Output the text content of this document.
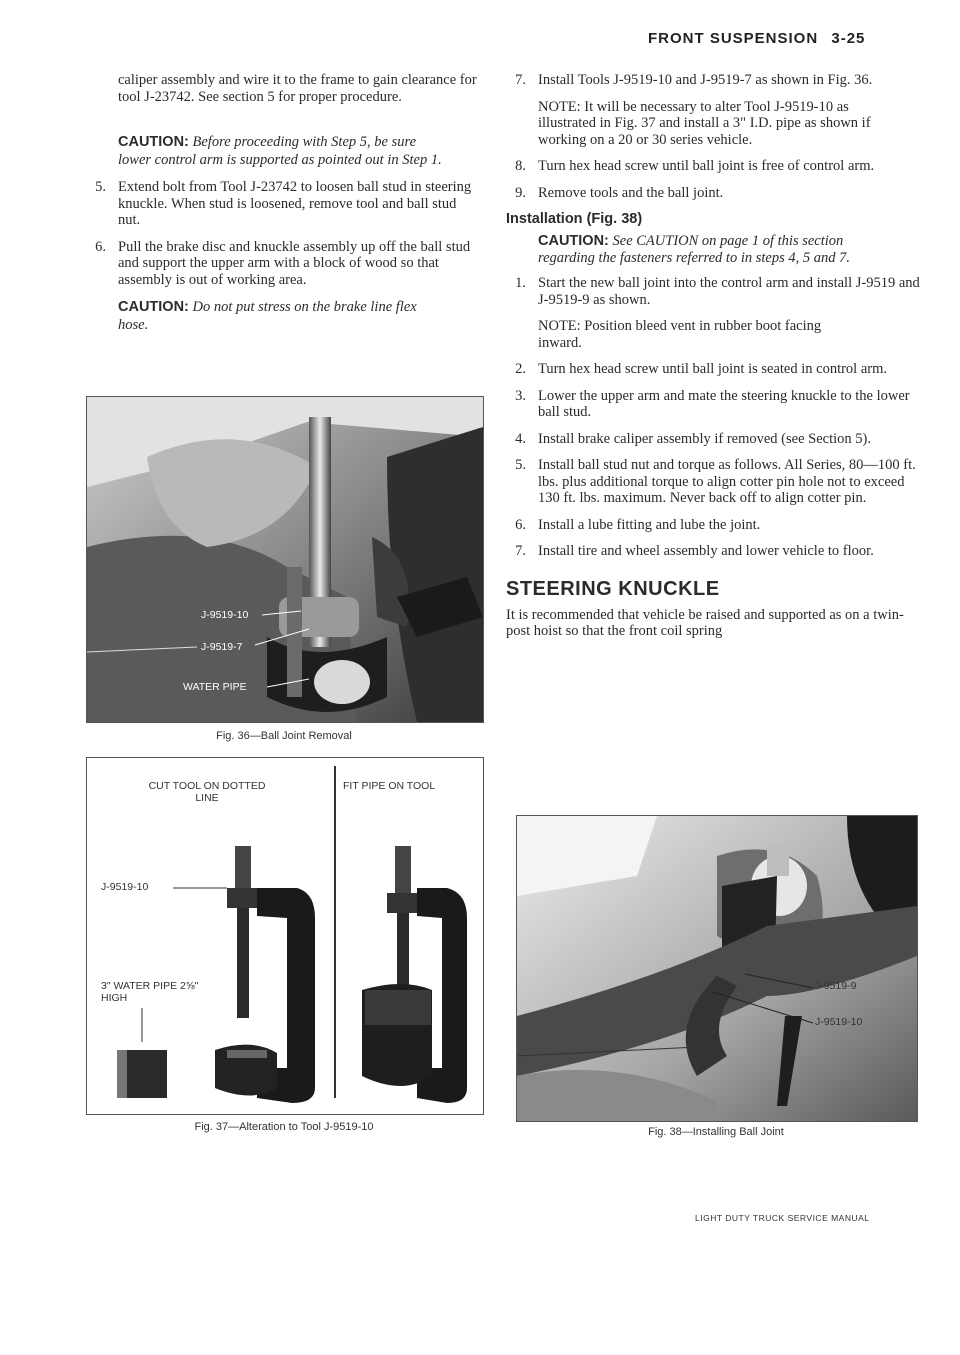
FRONT SUSPENSION 3-25
caliper assembly and wire it to the frame to gain clearance for tool J-23742. See section 5 for proper procedure.
CAUTION: Before proceeding with Step 5, be sure lower control arm is supported as pointed out in Step 1.
5. Extend bolt from Tool J-23742 to loosen ball stud in steering knuckle. When stud is loosened, remove tool and ball stud nut.
6. Pull the brake disc and knuckle assembly up off the ball stud and support the upper arm with a block of wood so that assembly is out of working area.
CAUTION: Do not put stress on the brake line flex hose.
J-9519-10
J-9519-7
WATER PIPE
Fig. 36—Ball Joint Removal
CUT TOOL ON DOTTED LINE
FIT PIPE ON TOOL
J-9519-10
3" WATER PIPE 2⅝" HIGH
Fig. 37—Alteration to Tool J-9519-10
7. Install Tools J-9519-10 and J-9519-7 as shown in Fig. 36.
NOTE: It will be necessary to alter Tool J-9519-10 as illustrated in Fig. 37 and install a 3" I.D. pipe as shown if working on a 20 or 30 series vehicle.
8. Turn hex head screw until ball joint is free of control arm.
9. Remove tools and the ball joint.
Installation (Fig. 38)
CAUTION: See CAUTION on page 1 of this section regarding the fasteners referred to in steps 4, 5 and 7.
1. Start the new ball joint into the control arm and install J-9519 and J-9519-9 as shown.
NOTE: Position bleed vent in rubber boot facing inward.
2. Turn hex head screw until ball joint is seated in control arm.
3. Lower the upper arm and mate the steering knuckle to the lower ball stud.
4. Install brake caliper assembly if removed (see Section 5).
5. Install ball stud nut and torque as follows. All Series, 80—100 ft. lbs. plus additional torque to align cotter pin hole not to exceed 130 ft. lbs. maximum. Never back off to align cotter pin.
6. Install a lube fitting and lube the joint.
7. Install tire and wheel assembly and lower vehicle to floor.
STEERING KNUCKLE
It is recommended that vehicle be raised and supported as on a twin-post hoist so that the front coil spring
J-9519-9
J-9519-10
Fig. 38—Installing Ball Joint
LIGHT DUTY TRUCK SERVICE MANUAL
